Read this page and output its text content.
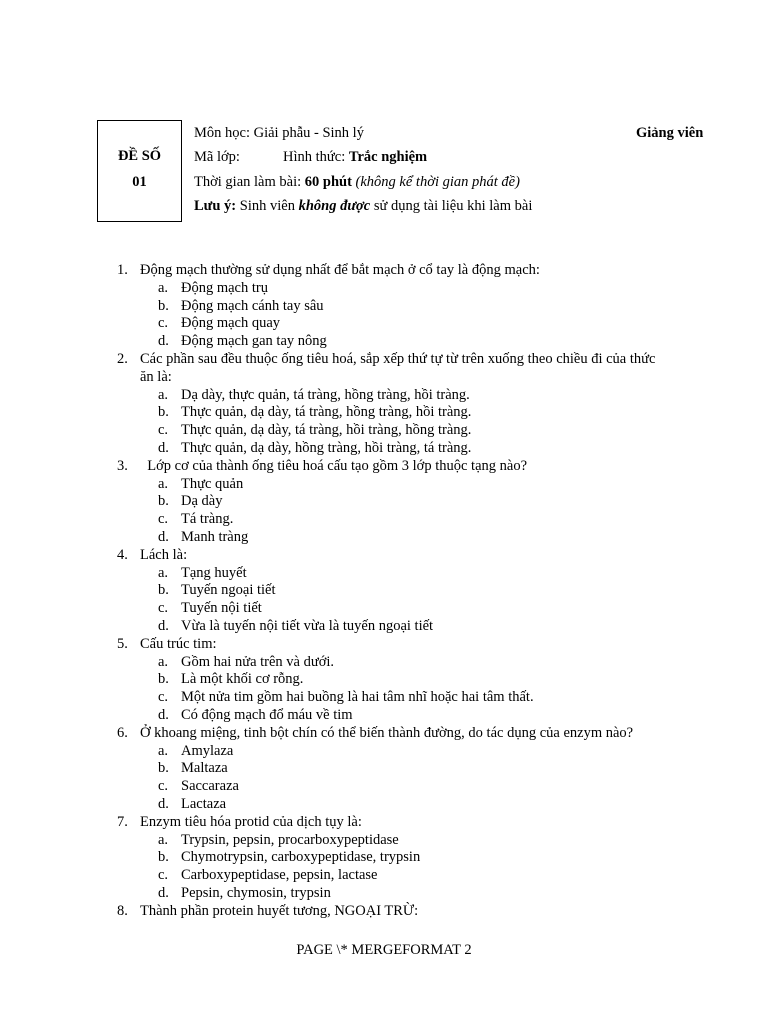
ĐỀ SỐ
01
Môn học: Giải phẫu - Sinh lý	Giảng viên
Mã lớp:	Hình thức: Trắc nghiệm
Thời gian làm bài: 60 phút (không kể thời gian phát đề)
Lưu ý: Sinh viên không được sử dụng tài liệu khi làm bài
1. Động mạch thường sử dụng nhất để bắt mạch ở cổ tay là động mạch:
a. Động mạch trụ
b. Động mạch cánh tay sâu
c. Động mạch quay
d. Động mạch gan tay nông
2. Các phần sau đều thuộc ống tiêu hoá, sắp xếp thứ tự từ trên xuống theo chiều đi của thức
ăn là:
a. Dạ dày, thực quản, tá tràng, hồng tràng, hồi tràng.
b. Thực quản, dạ dày, tá tràng, hồng tràng, hồi tràng.
c. Thực quản, dạ dày, tá tràng, hồi tràng, hồng tràng.
d. Thực quản, dạ dày, hồng tràng, hồi tràng, tá tràng.
3.  Lớp cơ của thành ống tiêu hoá cấu tạo gồm 3 lớp thuộc tạng nào?
a. Thực quản
b. Dạ dày
c. Tá tràng.
d. Manh tràng
4. Lách là:
a. Tạng huyết
b. Tuyến ngoại tiết
c. Tuyến nội tiết
d. Vừa là tuyến nội tiết vừa là tuyến ngoại tiết
5. Cấu trúc tim:
a. Gồm hai nửa trên và dưới.
b. Là một khối cơ rỗng.
c. Một nửa tim gồm hai buồng là hai tâm nhĩ hoặc hai tâm thất.
d. Có động mạch đổ máu về tim
6. Ở khoang miệng, tinh bột chín có thể biến thành đường, do tác dụng của enzym nào?
a. Amylaza
b. Maltaza
c. Saccaraza
d. Lactaza
7. Enzym tiêu hóa protid của dịch tụy là:
a. Trypsin, pepsin, procarboxypeptidase
b. Chymotrypsin, carboxypeptidase, trypsin
c. Carboxypeptidase, pepsin, lactase
d. Pepsin, chymosin, trypsin
8. Thành phần protein huyết tương, NGOẠI TRỪ:
PAGE \* MERGEFORMAT 2
